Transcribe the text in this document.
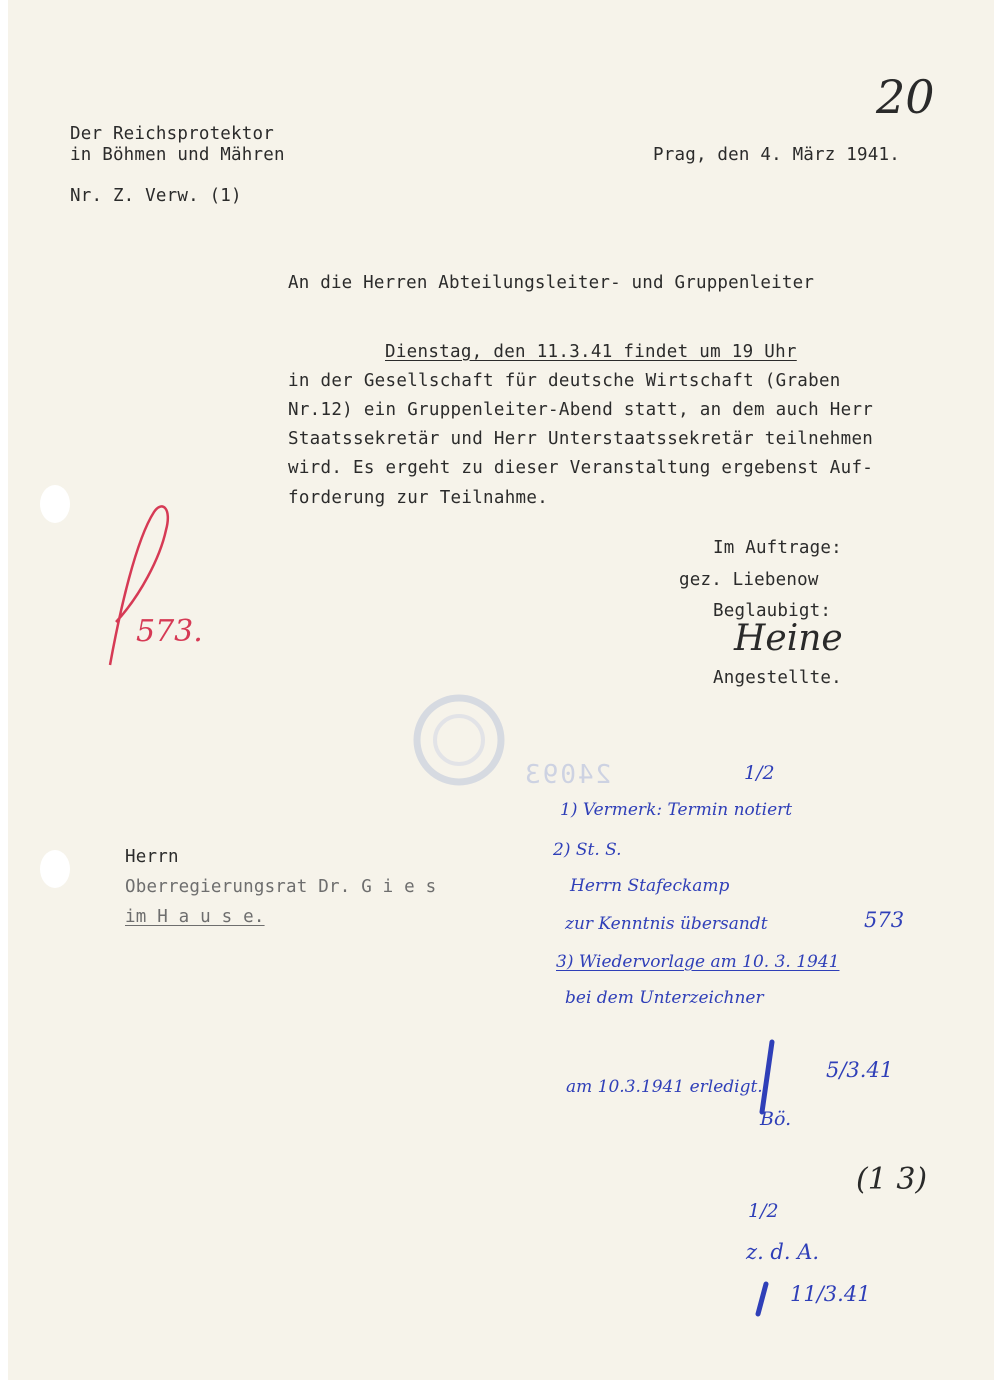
20
Der Reichsprotektor
in Böhmen und Mähren
Nr. Z. Verw. (1)
Prag, den 4. März 1941.
An die Herren Abteilungsleiter- und Gruppenleiter
Dienstag, den 11.3.41 findet um 19 Uhr
in der Gesellschaft für deutsche Wirtschaft (Graben
Nr.12) ein Gruppenleiter-Abend statt, an dem auch Herr
Staatssekretär und Herr Unterstaatssekretär teilnehmen
wird. Es ergeht zu dieser Veranstaltung ergebenst Auf-
forderung zur Teilnahme.
Im Auftrage:
gez. Liebenow
Beglaubigt:
Heine
Angestellte.
573.
24093
Herrn
Oberregierungsrat Dr. G i e s
im H a u s e.
1/2
1) Vermerk: Termin notiert
2) St. S.
Herrn Stafeckamp
zur Kenntnis übersandt	573
3) Wiedervorlage am 10. 3. 1941
bei dem Unterzeichner
5/3.41
am 10.3.1941 erledigt.
Bö.
(1 3)
1/2
z. d. A.
11/3.41
